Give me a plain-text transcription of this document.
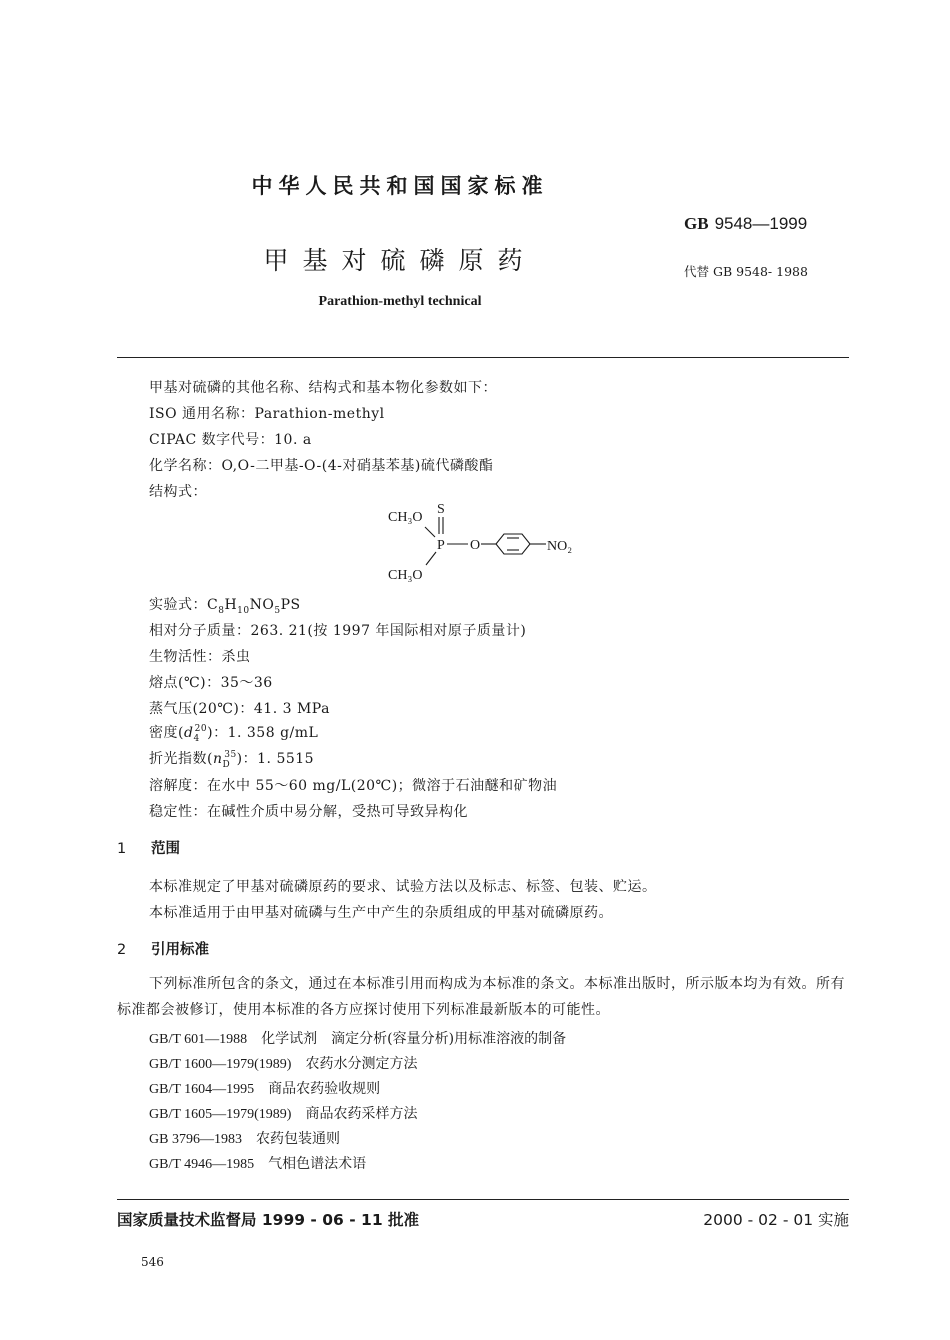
中华人民共和国国家标准
GB 9548—1999
甲基对硫磷原药	代替 GB 9548- 1988
Parathion-methyl technical
甲基对硫磷的其他名称、结构式和基本物化参数如下：
ISO 通用名称：Parathion-methyl
CIPAC 数字代号：10. a
化学名称：O,O-二甲基-O-(4-对硝基苯基)硫代磷酸酯
结构式：
CH₃O
S
P O	NO₂
CH₃O
实验式：$C_8H_{10}NO_5PS$
相对分子质量：263. 21(按 1997 年国际相对原子质量计)
生物活性：杀虫
熔点(℃)：35～36
蒸气压(20℃)：41. 3 MPa
密度$(d_4^{20})$：1. 358 g/mL
折光指数$(n_D^{35})$：1. 5515
溶解度：在水中 55～60 mg/L(20℃)；微溶于石油醚和矿物油
稳定性：在碱性介质中易分解，受热可导致异构化
1 范围
本标准规定了甲基对硫磷原药的要求、试验方法以及标志、标签、包装、贮运。
本标准适用于由甲基对硫磷与生产中产生的杂质组成的甲基对硫磷原药。
2 引用标准
下列标准所包含的条文，通过在本标准引用而构成为本标准的条文。本标准出版时，所示版本均为有效。所有标准都会被修订，使用本标准的各方应探讨使用下列标准最新版本的可能性。
GB/T 601—1988 化学试剂　滴定分析(容量分析)用标准溶液的制备
GB/T 1600—1979(1989) 农药水分测定方法
GB/T 1604—1995 商品农药验收规则
GB/T 1605—1979(1989) 商品农药采样方法
GB 3796—1983 农药包装通则
GB/T 4946—1985 气相色谱法术语
国家质量技术监督局 1999 - 06 - 11 批准	2000 - 02 - 01 实施
546
